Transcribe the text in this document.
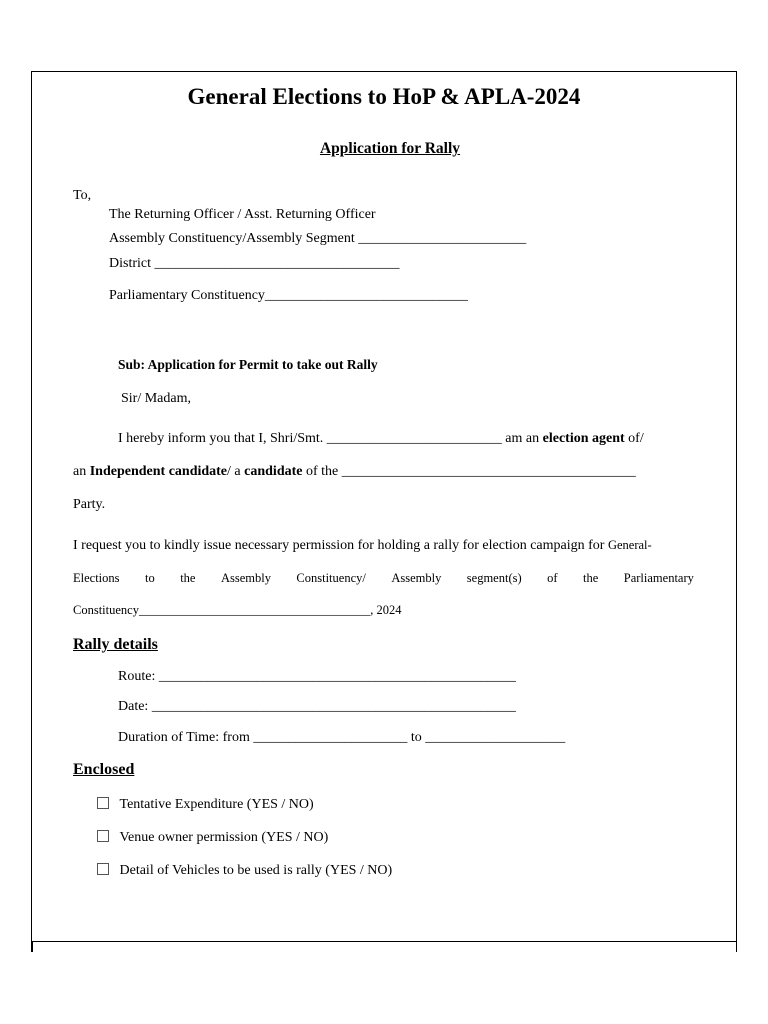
General Elections to HoP & APLA-2024
Application for Rally
To,
The Returning Officer / Asst. Returning Officer
Assembly Constituency/Assembly Segment ________________________
District ___________________________________
Parliamentary Constituency_____________________________
Sub: Application for Permit to take out Rally
Sir/ Madam,
I hereby inform you that I, Shri/Smt. _________________________ am an election agent of/
an Independent candidate/ a candidate of the __________________________________________
Party.
I request you to kindly issue necessary permission for holding a rally for election campaign for General-
Elections to the Assembly Constituency/ Assembly segment(s) of the Parliamentary
Constituency_____________________________________, 2024
Rally details
Route: ___________________________________________________
Date: ____________________________________________________
Duration of Time: from ______________________ to ____________________
Enclosed
Tentative Expenditure (YES / NO)
Venue owner permission (YES / NO)
Detail of Vehicles to be used is rally (YES / NO)
